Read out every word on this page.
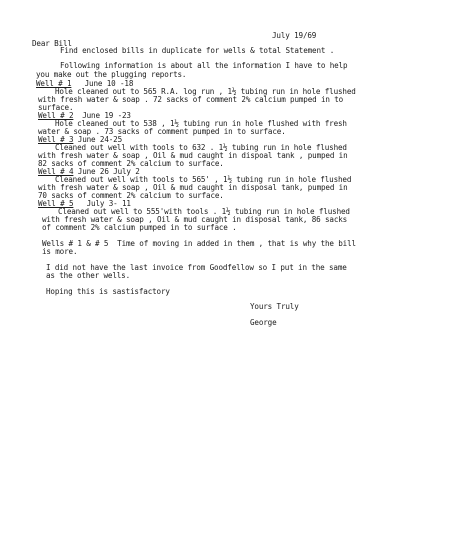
July 19/69
Dear Bill
Find enclosed bills in duplicate for wells & total Statement .
Following information is about all the information I have to help
you make out the plugging reports.
Well # 1 June 10 -18
Hole cleaned out to 565 R.A. log run , 1½ tubing run in hole flushed
with fresh water & soap . 72 sacks of comment 2% calcium pumped in to
surface.
Well # 2 June 19 -23
Hole cleaned out to 538 , 1½ tubing run in hole flushed with fresh
water & soap . 73 sacks of comment pumped in to surface.
Well # 3 June 24-25
Cleaned out well with tools to 632 . 1½ tubing run in hole flushed
with fresh water & soap , Oil & mud caught in dispoal tank , pumped in
82 sacks of comment 2% calcium to surface.
Well # 4 June 26 July 2
Cleaned out well with tools to 565' , 1½ tubing run in hole flushed
with fresh water & soap , Oil & mud caught in disposal tank, pumped in
70 sacks of comment 2% calcium to surface.
Well # 5 July 3- 11
Cleaned out well to 555'with tools . 1½ tubing run in hole flushed
with fresh water & soap , Oil & mud caught in disposal tank, 86 sacks
of comment 2% calcium pumped in to surface .
Wells # 1 & # 5  Time of moving in added in them , that is why the bill
is more.
I did not have the last invoice from Goodfellow so I put in the same
as the other wells.
Hoping this is sastisfactory
Yours Truly
George
